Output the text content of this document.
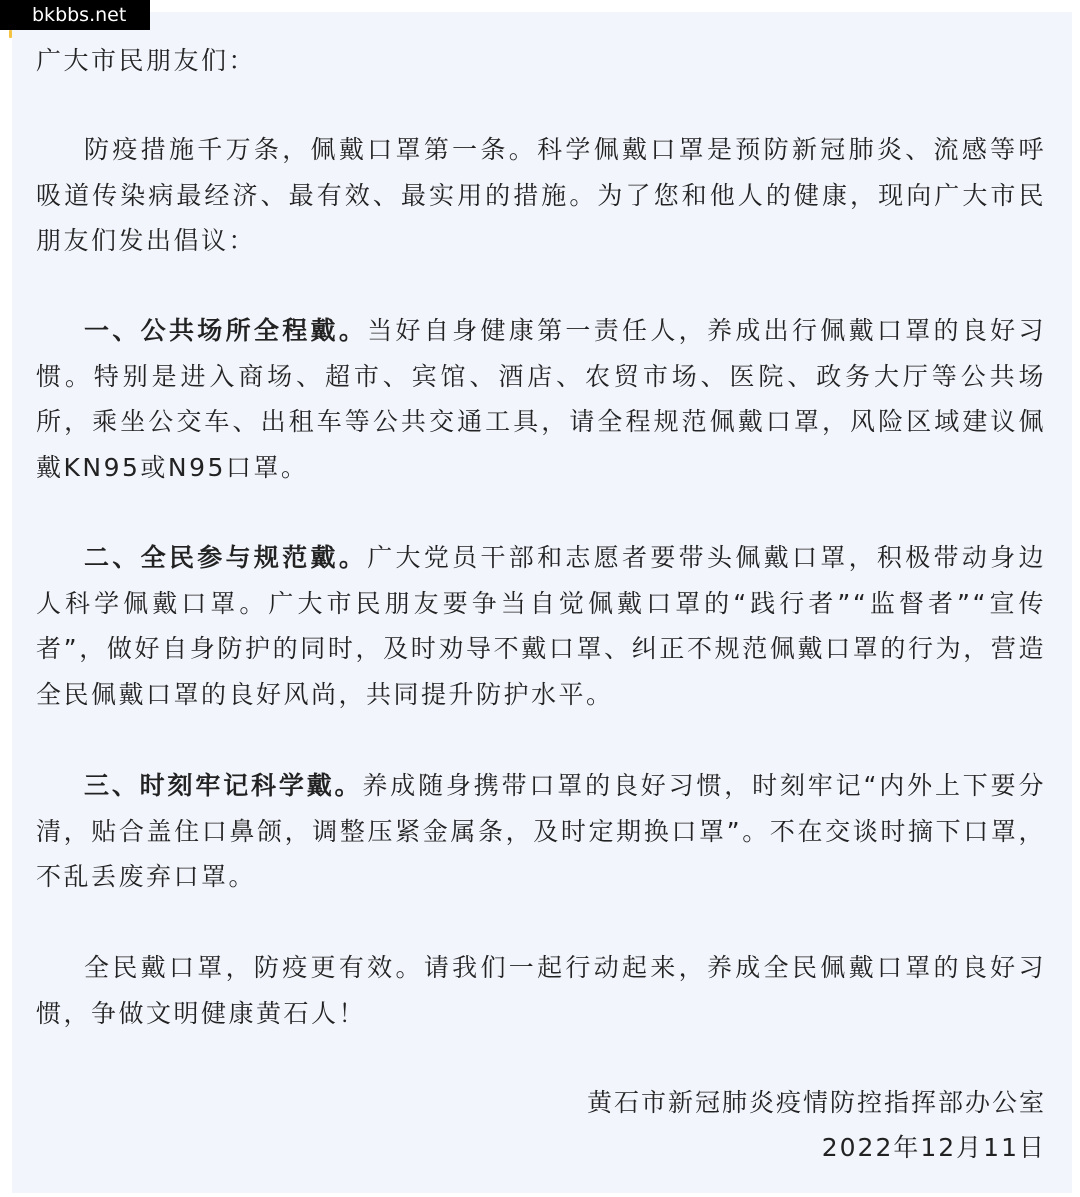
bkbbs.net

广大市民朋友们：

防疫措施千万条，佩戴口罩第一条。科学佩戴口罩是预防新冠肺炎、流感等呼吸道传染病最经济、最有效、最实用的措施。为了您和他人的健康，现向广大市民朋友们发出倡议：

一、公共场所全程戴。当好自身健康第一责任人，养成出行佩戴口罩的良好习惯。特别是进入商场、超市、宾馆、酒店、农贸市场、医院、政务大厅等公共场所，乘坐公交车、出租车等公共交通工具，请全程规范佩戴口罩，风险区域建议佩戴KN95或N95口罩。

二、全民参与规范戴。广大党员干部和志愿者要带头佩戴口罩，积极带动身边人科学佩戴口罩。广大市民朋友要争当自觉佩戴口罩的“践行者”“监督者”“宣传者”，做好自身防护的同时，及时劝导不戴口罩、纠正不规范佩戴口罩的行为，营造全民佩戴口罩的良好风尚，共同提升防护水平。

三、时刻牢记科学戴。养成随身携带口罩的良好习惯，时刻牢记“内外上下要分清，贴合盖住口鼻颌，调整压紧金属条，及时定期换口罩”。不在交谈时摘下口罩，不乱丢废弃口罩。

全民戴口罩，防疫更有效。请我们一起行动起来，养成全民佩戴口罩的良好习惯，争做文明健康黄石人！

黄石市新冠肺炎疫情防控指挥部办公室

2022年12月11日
